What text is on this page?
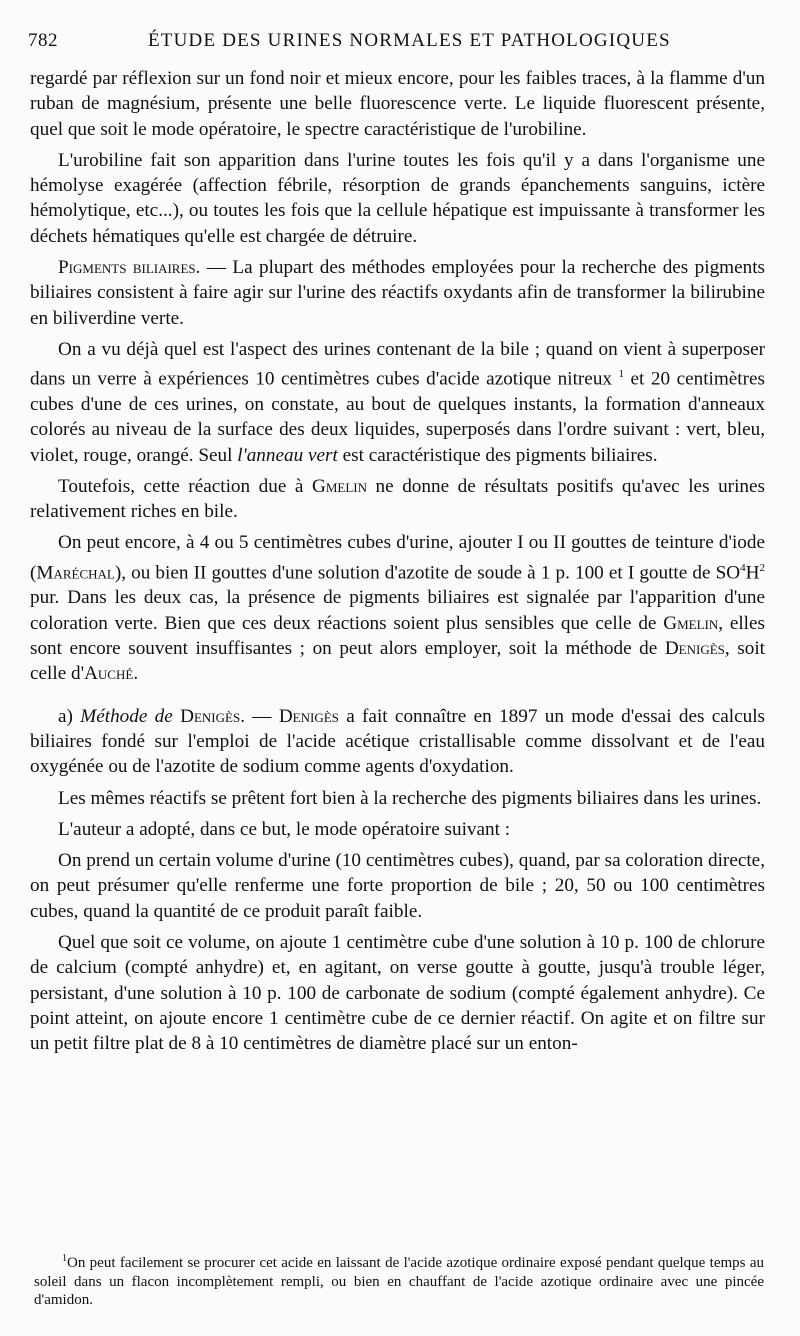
782	ÉTUDE DES URINES NORMALES ET PATHOLOGIQUES

regardé par réflexion sur un fond noir et mieux encore, pour les faibles traces, à la flamme d'un ruban de magnésium, présente une belle fluorescence verte. Le liquide fluorescent présente, quel que soit le mode opératoire, le spectre caractéristique de l'urobiline.

L'urobiline fait son apparition dans l'urine toutes les fois qu'il y a dans l'organisme une hémolyse exagérée (affection fébrile, résorption de grands épanchements sanguins, ictère hémolytique, etc...), ou toutes les fois que la cellule hépatique est impuissante à transformer les déchets hématiques qu'elle est chargée de détruire.

Pigments biliaires. — La plupart des méthodes employées pour la recherche des pigments biliaires consistent à faire agir sur l'urine des réactifs oxydants afin de transformer la bilirubine en biliverdine verte.

On a vu déjà quel est l'aspect des urines contenant de la bile ; quand on vient à superposer dans un verre à expériences 10 centimètres cubes d'acide azotique nitreux $^1$ et 20 centimètres cubes d'une de ces urines, on constate, au bout de quelques instants, la formation d'anneaux colorés au niveau de la surface des deux liquides, superposés dans l'ordre suivant : vert, bleu, violet, rouge, orangé. Seul l'anneau vert est caractéristique des pigments biliaires.

Toutefois, cette réaction due à Gmelin ne donne de résultats positifs qu'avec les urines relativement riches en bile.

On peut encore, à 4 ou 5 centimètres cubes d'urine, ajouter I ou II gouttes de teinture d'iode (Maréchal), ou bien II gouttes d'une solution d'azotite de soude à 1 p. 100 et I goutte de $SO^4H^2$ pur. Dans les deux cas, la présence de pigments biliaires est signalée par l'apparition d'une coloration verte. Bien que ces deux réactions soient plus sensibles que celle de Gmelin, elles sont encore souvent insuffisantes ; on peut alors employer, soit la méthode de Denigès, soit celle d'Auché.

a) Méthode de Denigès. — Denigès a fait connaître en 1897 un mode d'essai des calculs biliaires fondé sur l'emploi de l'acide acétique cristallisable comme dissolvant et de l'eau oxygénée ou de l'azotite de sodium comme agents d'oxydation.

Les mêmes réactifs se prêtent fort bien à la recherche des pigments biliaires dans les urines.

L'auteur a adopté, dans ce but, le mode opératoire suivant :

On prend un certain volume d'urine (10 centimètres cubes), quand, par sa coloration directe, on peut présumer qu'elle renferme une forte proportion de bile ; 20, 50 ou 100 centimètres cubes, quand la quantité de ce produit paraît faible.

Quel que soit ce volume, on ajoute 1 centimètre cube d'une solution à 10 p. 100 de chlorure de calcium (compté anhydre) et, en agitant, on verse goutte à goutte, jusqu'à trouble léger, persistant, d'une solution à 10 p. 100 de carbonate de sodium (compté également anhydre). Ce point atteint, on ajoute encore 1 centimètre cube de ce dernier réactif. On agite et on filtre sur un petit filtre plat de 8 à 10 centimètres de diamètre placé sur un enton-

$^1$On peut facilement se procurer cet acide en laissant de l'acide azotique ordinaire exposé pendant quelque temps au soleil dans un flacon incomplètement rempli, ou bien en chauffant de l'acide azotique ordinaire avec une pincée d'amidon.
